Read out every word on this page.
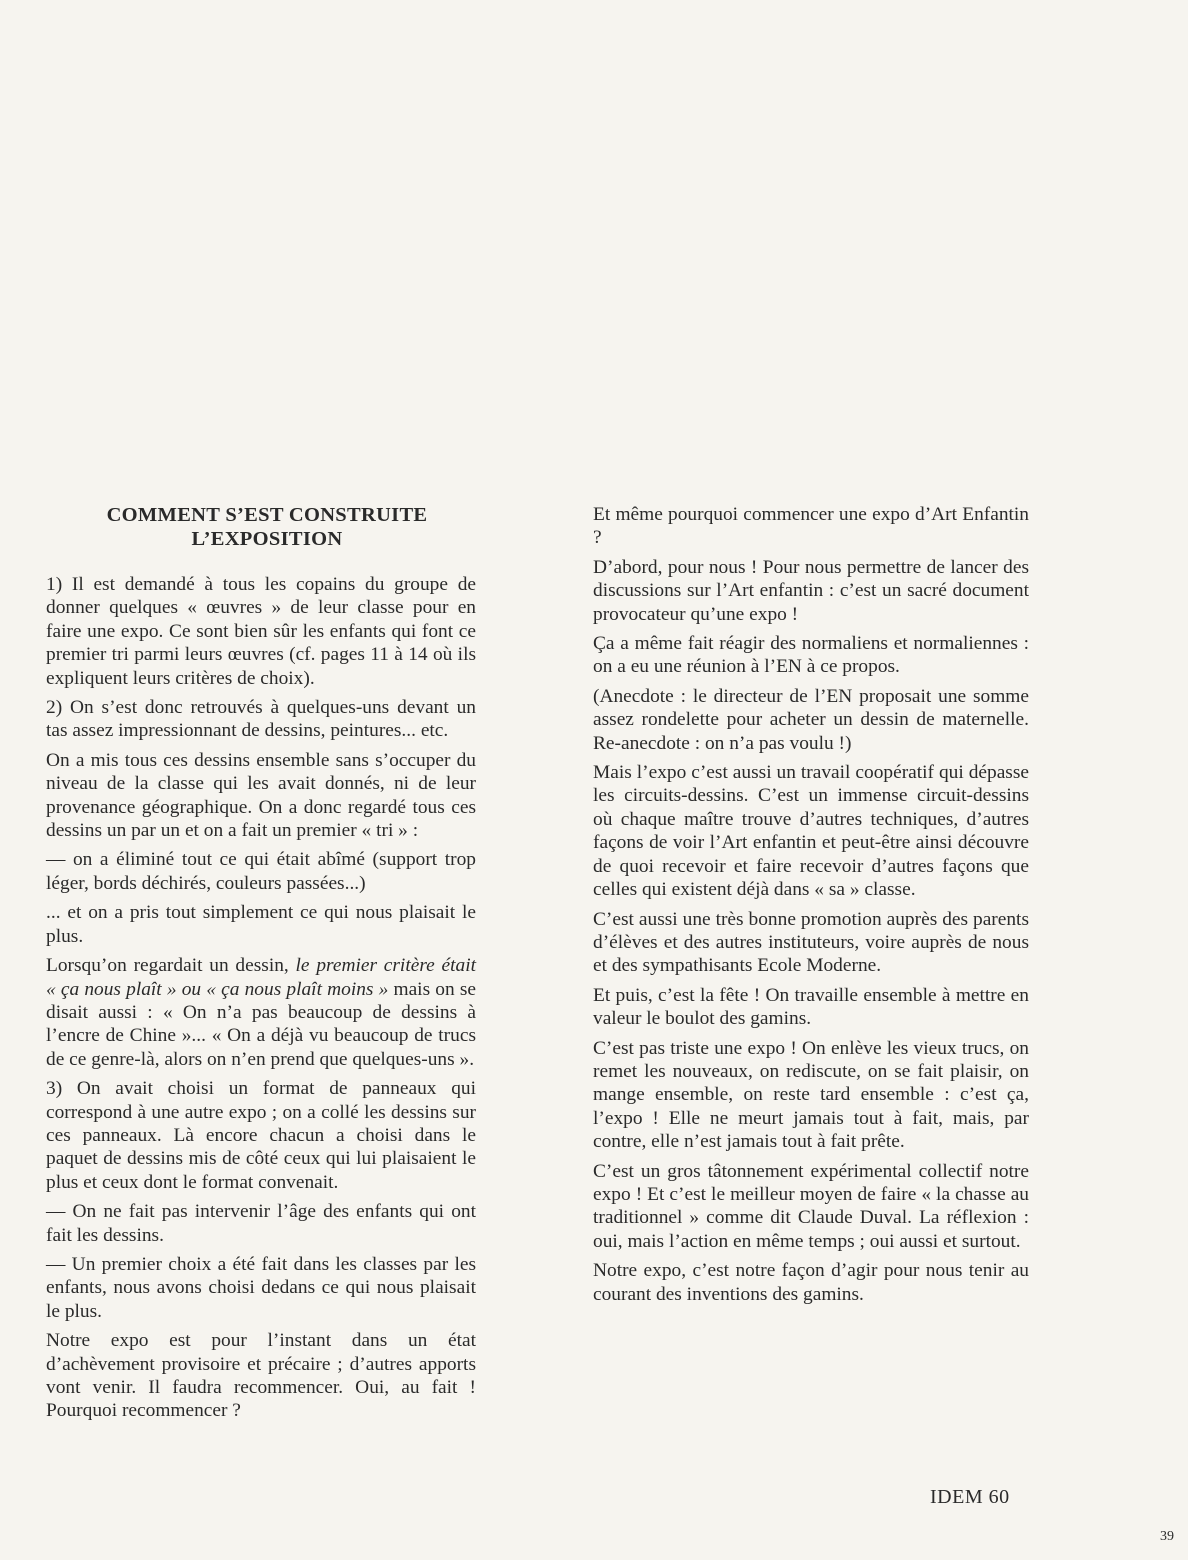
COMMENT S’EST CONSTRUITE
L’EXPOSITION

1) Il est demandé à tous les copains du groupe de donner quelques « œuvres » de leur classe pour en faire une expo. Ce sont bien sûr les enfants qui font ce premier tri parmi leurs œuvres (cf. pages 11 à 14 où ils expliquent leurs critères de choix).

2) On s’est donc retrouvés à quelques-uns devant un tas assez impressionnant de dessins, peintures... etc.

On a mis tous ces dessins ensemble sans s’occuper du niveau de la classe qui les avait donnés, ni de leur provenance géographique. On a donc regardé tous ces dessins un par un et on a fait un premier « tri » :

— on a éliminé tout ce qui était abîmé (support trop léger, bords déchirés, couleurs passées...)

... et on a pris tout simplement ce qui nous plaisait le plus.

Lorsqu’on regardait un dessin, le premier critère était « ça nous plaît » ou « ça nous plaît moins » mais on se disait aussi : « On n’a pas beaucoup de dessins à l’encre de Chine »... « On a déjà vu beaucoup de trucs de ce genre-là, alors on n’en prend que quelques-uns ».

3) On avait choisi un format de panneaux qui correspond à une autre expo ; on a collé les dessins sur ces panneaux. Là encore chacun a choisi dans le paquet de dessins mis de côté ceux qui lui plaisaient le plus et ceux dont le format convenait.

— On ne fait pas intervenir l’âge des enfants qui ont fait les dessins.

— Un premier choix a été fait dans les classes par les enfants, nous avons choisi dedans ce qui nous plaisait le plus.

Notre expo est pour l’instant dans un état d’achèvement provisoire et précaire ; d’autres apports vont venir. Il faudra recommencer. Oui, au fait ! Pourquoi recommencer ?

Et même pourquoi commencer une expo d’Art Enfantin ?

D’abord, pour nous ! Pour nous permettre de lancer des discussions sur l’Art enfantin : c’est un sacré document provocateur qu’une expo !

Ça a même fait réagir des normaliens et normaliennes : on a eu une réunion à l’EN à ce propos.

(Anecdote : le directeur de l’EN proposait une somme assez rondelette pour acheter un dessin de maternelle. Re-anecdote : on n’a pas voulu !)

Mais l’expo c’est aussi un travail coopératif qui dépasse les circuits-dessins. C’est un immense circuit-dessins où chaque maître trouve d’autres techniques, d’autres façons de voir l’Art enfantin et peut-être ainsi découvre de quoi recevoir et faire recevoir d’autres façons que celles qui existent déjà dans « sa » classe.

C’est aussi une très bonne promotion auprès des parents d’élèves et des autres instituteurs, voire auprès de nous et des sympathisants Ecole Moderne.

Et puis, c’est la fête ! On travaille ensemble à mettre en valeur le boulot des gamins.

C’est pas triste une expo ! On enlève les vieux trucs, on remet les nouveaux, on rediscute, on se fait plaisir, on mange ensemble, on reste tard ensemble : c’est ça, l’expo ! Elle ne meurt jamais tout à fait, mais, par contre, elle n’est jamais tout à fait prête.

C’est un gros tâtonnement expérimental collectif notre expo ! Et c’est le meilleur moyen de faire « la chasse au traditionnel » comme dit Claude Duval. La réflexion : oui, mais l’action en même temps ; oui aussi et surtout.

Notre expo, c’est notre façon d’agir pour nous tenir au courant des inventions des gamins.

IDEM 60
39
